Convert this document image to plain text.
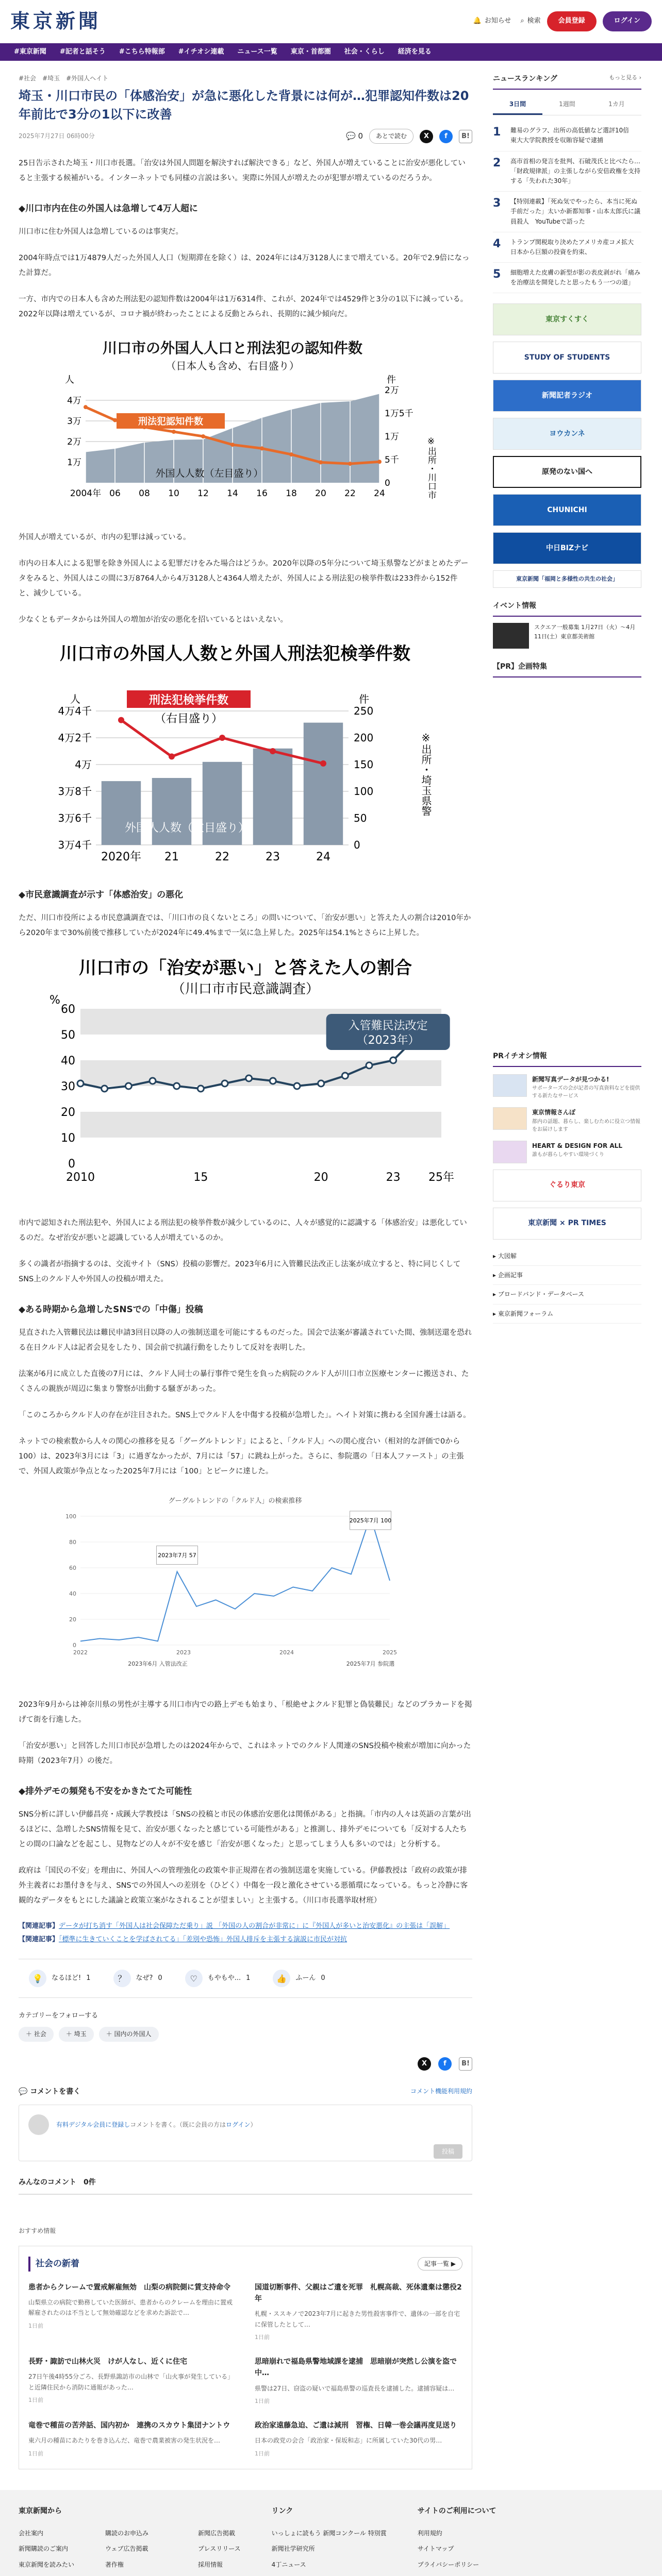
東京新聞	🔔 お知らせ ⌕ 検索	会員登録	ログイン
#東京新聞	#記者と話そう	#こちら特報部	#イチオシ連載	ニュース一覧	東京・首都圏	社会・くらし	経済を見る
#社会 #埼玉 #外国人ヘイト
埼玉・川口市民の「体感治安」が急に悪化した背景には何が…犯罪認知件数は20年前比で3分の1以下に改善
2025年7月27日 06時00分	💬 0	あとで読む	X	f	B!

25日告示された埼玉・川口市長選。「治安は外国人問題を解決すれば解決できる」など、外国人が増えていることに治安が悪化していると主張する候補がいる。インターネットでも同様の言説は多い。実際に外国人が増えたのが犯罪が増えているのだろうか。

◆川口市内在住の外国人は急増して4万人超に

川口市に住む外国人は急増しているのは事実だ。

2004年時点では1万4879人だった外国人人口（短期滞在を除く）は、2024年には4万3128人にまで増えている。20年で2.9倍になった計算だ。

一方、市内での日本人も含めた刑法犯の認知件数は2004年は1万6314件、これが、2024年では4529件と3分の1以下に減っている。2022年以降は増えているが、コロナ禍が終わったことによる反動とみられ、長期的に減少傾向だ。

川口市の外国人人口と刑法犯の認知件数
（日本人も含め、右目盛り）
人	件
1万
2万
3万
4万
0
5千
1万
1万5千
2万
刑法犯認知件数
外国人人数（左目盛り）
2004年 06 08 10 12 14 16 18 20 22 24	※出所・川口市

外国人が増えているが、市内の犯罪は減っている。

市内の日本人による犯罪を除き外国人による犯罪だけをみた場合はどうか。2020年以降の5年分について埼玉県警などがまとめたデータをみると、外国人はこの間に3万8764人から4万3128人と4364人増えたが、外国人による刑法犯の検挙件数は233件から152件と、減少している。

少なくともデータからは外国人の増加が治安の悪化を招いているとはいえない。

川口市の外国人人数と外国人刑法犯検挙件数
人	件
3万4千
3万6千
3万8千
4万
4万2千
4万4千
0
50
100
150
200
250
外国人人数（左目盛り）
刑法犯検挙件数
（右目盛り）
2020年 21	22	23	24
※出所・埼玉県警
◆市民意識調査が示す「体感治安」の悪化

ただ、川口市役所による市民意識調査では、「川口市の良くないところ」の問いについて、「治安が悪い」と答えた人の割合は2010年から2020年まで30%前後で推移していたが2024年に49.4%まで一気に急上昇した。2025年は54.1%とさらに上昇した。

川口市の「治安が悪い」と答えた人の割合
（川口市市民意識調査）
0
10
20
30
40
50
60
%
入管難民法改定
（2023年）
2010	15	20	23 25年

市内で認知された刑法犯や、外国人による刑法犯の検挙件数が減少しているのに、人々が感覚的に認識する「体感治安」は悪化しているのだ。なぜ治安が悪いと認識している人が増えているのか。

多くの識者が指摘するのは、交流サイト（SNS）投稿の影響だ。2023年6月に入管難民法改正し法案が成立すると、特に同じくしてSNS上のクルド人や外国人の投稿が増えた。

◆ある時期から急増したSNSでの「中傷」投稿

見直された入管難民法は難民申請3回目以降の人の強制送還を可能にするものだった。国会で法案が審議されていた間、強制送還を恐れる在日クルド人は記者会見をしたり、国会前で抗議行動をしたりして反対を表明した。

法案が6月に成立した直後の7月には、クルド人同士の暴行事件で発生を負った病院のクルド人が川口市立医療センターに搬送され、たくさんの親族が周辺に集まり警察が出動する騒ぎがあった。

「このころからクルド人の存在が注目された。SNS上でクルド人を中傷する投稿が急増した」。ヘイト対策に携わる全国弁護士は語る。

ネットでの検索数から人々の関心の推移を見る「グーグルトレンド」によると、「クルド人」への関心度合い（相対的な評価で0から100）は、2023年3月には「3」に過ぎなかったが、7月には「57」に跳ね上がった。さらに、参院選の「日本人ファースト」の主張で、外国人政策が争点となった2025年7月には「100」とピークに達した。

グーグルトレンドの「クルド人」の検索推移
0
20
40
60
80
100
2022	2023	2024	2025
2023年7月 57
2025年7月 100
2023年6月 入管法改正	2025年7月 参院選

2023年9月からは神奈川県の男性が主導する川口市内での路上デモも始まり、「根絶せよクルド犯罪と偽装難民」などのプラカードを掲げて街を行進した。

「治安が悪い」と回答した川口市民が急増したのは2024年からで、これはネットでのクルド人関連のSNS投稿や検索が増加に向かった時期（2023年7月）の後だ。

◆排外デモの頻発も不安をかきたてた可能性

SNS分析に詳しい伊藤昌亮・成蹊大学教授は「SNSの投稿と市民の体感治安悪化は関係がある」と指摘。「市内の人々は英語の言葉が出るほどに、急増したSNS情報を見て、治安が悪くなったと感じている可能性がある」と推測し、排外デモについても「反対する人たちとの間の口論などを起こし、見物などの人々が不安を感じ「治安が悪くなった」と思ってしまう人も多いのでは」と分析する。

政府は「国民の不安」を理由に、外国人への管理強化の政策や非正規滞在者の強制送還を実施している。伊藤教授は「政府の政策が排外主義者にお墨付きを与え、SNSでの外国人への差別を（ひどく）中傷を一段と激化させている悪循環になっている。もっと冷静に客観的なデータをもとにした議論と政策立案がなされることが望ましい」と主張する。（川口市長選挙取材班）

【関連記事】データが打ち消す「外国人は社会保障ただ乗り」説 「外国の人の割合が非常に」に『外国人が多いと治安悪化』の主張は「誤解」
【関連記事】「標準に生きていくことを学ばされてる」「差別や恐怖」外国人排斥を主張する演説に市民が対抗
💡	なるほど! 1	？	なぜ? 0	♡	もやもや... 1	👍	ふーん 0
カテゴリーをフォローする
＋ 社会	＋ 埼玉	＋ 国内の外国人
X	f	B!
💬 コメントを書く	コメント機能利用規約
有料デジタル会員に登録しコメントを書く。（既に会員の方はログイン）
投稿
みんなのコメント　0件
おすすめ情報
社会の新着	記事一覧 ▶
患者からクレームで置戒解雇無効　山梨の病院側に賃支持命令

山梨県立の病院で勤務していた医師が、患者からのクレームを理由に置戒解雇されたのは不当として無効確認などを求めた訴訟で…

1日前
国道切断事件、父親はご遺を死罪　札幌高裁、死体遺棄は懲役2年

札幌・ススキノで2023年7月に起きた男性殺害事件で、遺体の一部を自宅に保管したとして…

1日前
長野・諏訪で山林火災　けが人なし、近くに住宅

27日午後4時55分ごろ、長野県諏訪市の山林で「山火事が発生している」と近隣住民から消防に通報があった…

1日前
思暗崩れで福島県警地域課を逮捕　思暗崩が突然し公演を盗で中…

県警は27日、窃盗の疑いで福島県警の巡査長を逮捕した。逮捕容疑は…

1日前
竜巻で種苗の苦斧話、国内初か　連携のスカウト集団ナントウ

東六月の種苗にあたりを巻き込んだ、竜巻で農業被害の発生状況を…

1日前
政治家遠藤急迫、ご遺は減刑　習権、日韓一巻会議再度見送り

日本の政党の会合「政治家・保坂和志」に所属していた30代の男…

1日前
ニュースランキング	もっと見る ›
3日間	1週間	1カ月
1	難易のグラフ、出所の高低値など選評10倍　東大大学院教授を収賄容疑で逮捕
2	高市首相の発言を批判、石破茂氏と比べたら…「財政規律派」の主張しながら安倍政権を支持する「失われた30年」
3	【特別連載】「死ぬ気でやったら、本当に死ぬ手前だった」太いか新都知事・山本太郎氏に議員殺人　YouTubeで語った
4	トランプ関税取り決めたアメリカ産コメ拡大　日本から巨額の投資を約束、
5	細胞増えた皮膚の新型が影の表皮剥がれ「痛みを治療法を開発したと思ったもう一つの道」
東京すくすく
STUDY OF STUDENTS
新聞記者ラジオ
ヨウカンネ
原発のない国へ
CHUNICHI
中日BIZナビ
東京新聞「福岡と多様性の共生の社会」
イベント情報
スクエア一般募集 1月27日（火）〜4月11日(土）東京都美術館
【PR】企画特集
PRイチオシ情報
新聞写真データが見つかる!
サポーターズの会が記者の写真資料などを提供する新たなサービス
東京情報さんぽ
都内の話題、暮らし、楽しむために役立つ情報をお届けします
HEART & DESIGN FOR ALL
誰もが暮らしやすい環境づくり
ぐるり東京
東京新聞 × PR TIMES
▸ 大図解
▸ 企画記事
▸ ブロードバンド・データベース
▸ 東京新聞フォーラム
東京新聞から
会社案内
新聞購読のご案内
東京新聞を読みたい
購読のお申込み
ウェブ広告掲載
著作権
新聞広告掲載
プレスリリース
採用情報
リンク
いっしょに読もう 新聞コンクール 特別賞
新聞社学研究所
4丁ニュース
サイトのご利用について
利用規約
サイトマップ
プライバシーポリシー
